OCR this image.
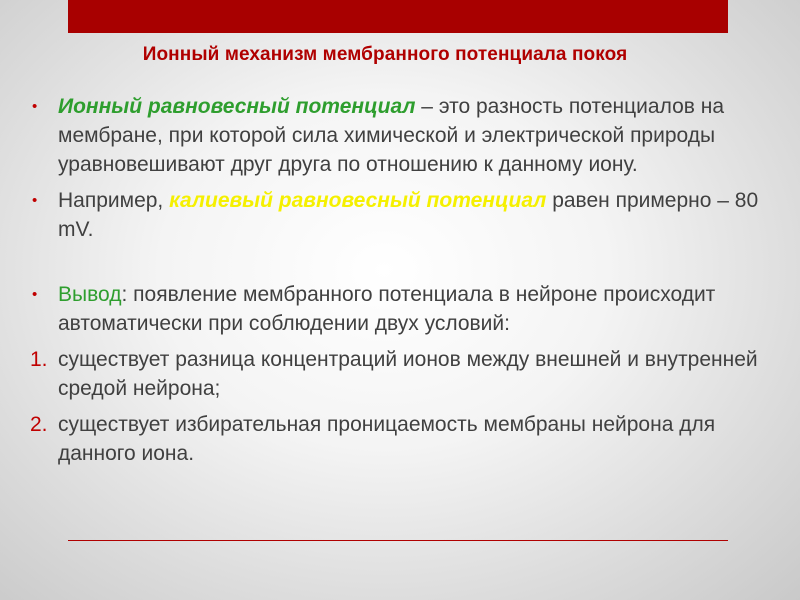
Ионный механизм мембранного потенциала покоя
• Ионный равновесный потенциал – это разность потенциалов на мембране, при которой сила химической и электрической природы уравновешивают друг друга по отношению к данному иону.
• Например, калиевый равновесный потенциал равен примерно – 80 mV.
• Вывод: появление мембранного потенциала в нейроне происходит автоматически при соблюдении двух условий:
1. существует разница концентраций ионов между внешней и внутренней средой нейрона;
2. существует избирательная проницаемость мембраны нейрона для данного иона.
